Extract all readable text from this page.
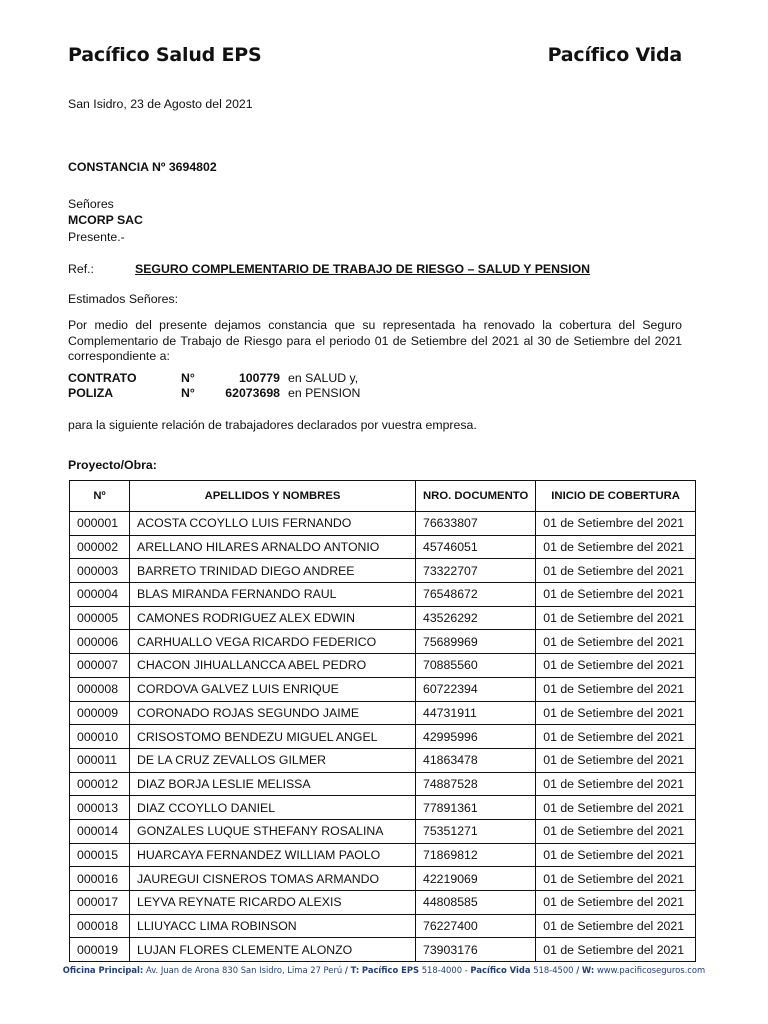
Pacífico Salud EPS	Pacífico Vida
San Isidro, 23 de Agosto del 2021
CONSTANCIA Nº 3694802
Señores
MCORP SAC
Presente.-
Ref.:	SEGURO COMPLEMENTARIO DE TRABAJO DE RIESGO – SALUD Y PENSION
Estimados Señores:
Por medio del presente dejamos constancia que su representada ha renovado la cobertura del Seguro
Complementario de Trabajo de Riesgo para el periodo 01 de Setiembre del 2021 al 30 de Setiembre del 2021
correspondiente a:
CONTRATO	N°	100779 en SALUD y,
POLIZA	N°	62073698 en PENSION
para la siguiente relación de trabajadores declarados por vuestra empresa.
Proyecto/Obra:
Nº	APELLIDOS Y NOMBRES	NRO. DOCUMENTO	INICIO DE COBERTURA
000001	ACOSTA CCOYLLO LUIS FERNANDO	76633807	01 de Setiembre del 2021
000002	ARELLANO HILARES ARNALDO ANTONIO	45746051	01 de Setiembre del 2021
000003	BARRETO TRINIDAD DIEGO ANDREE	73322707	01 de Setiembre del 2021
000004	BLAS MIRANDA FERNANDO RAUL	76548672	01 de Setiembre del 2021
000005	CAMONES RODRIGUEZ ALEX EDWIN	43526292	01 de Setiembre del 2021
000006	CARHUALLO VEGA RICARDO FEDERICO	75689969	01 de Setiembre del 2021
000007	CHACON JIHUALLANCCA ABEL PEDRO	70885560	01 de Setiembre del 2021
000008	CORDOVA GALVEZ LUIS ENRIQUE	60722394	01 de Setiembre del 2021
000009	CORONADO ROJAS SEGUNDO JAIME	44731911	01 de Setiembre del 2021
000010	CRISOSTOMO BENDEZU MIGUEL ANGEL	42995996	01 de Setiembre del 2021
000011	DE LA CRUZ ZEVALLOS GILMER	41863478	01 de Setiembre del 2021
000012	DIAZ BORJA LESLIE MELISSA	74887528	01 de Setiembre del 2021
000013	DIAZ CCOYLLO DANIEL	77891361	01 de Setiembre del 2021
000014	GONZALES LUQUE STHEFANY ROSALINA	75351271	01 de Setiembre del 2021
000015	HUARCAYA FERNANDEZ WILLIAM PAOLO	71869812	01 de Setiembre del 2021
000016	JAUREGUI CISNEROS TOMAS ARMANDO	42219069	01 de Setiembre del 2021
000017	LEYVA REYNATE RICARDO ALEXIS	44808585	01 de Setiembre del 2021
000018	LLIUYACC LIMA ROBINSON	76227400	01 de Setiembre del 2021
000019	LUJAN FLORES CLEMENTE ALONZO	73903176	01 de Setiembre del 2021
Oficina Principal: Av. Juan de Arona 830 San Isidro, Lima 27 Perú / T: Pacífico EPS 518-4000 - Pacífico Vida 518-4500 / W: www.pacificoseguros.com
